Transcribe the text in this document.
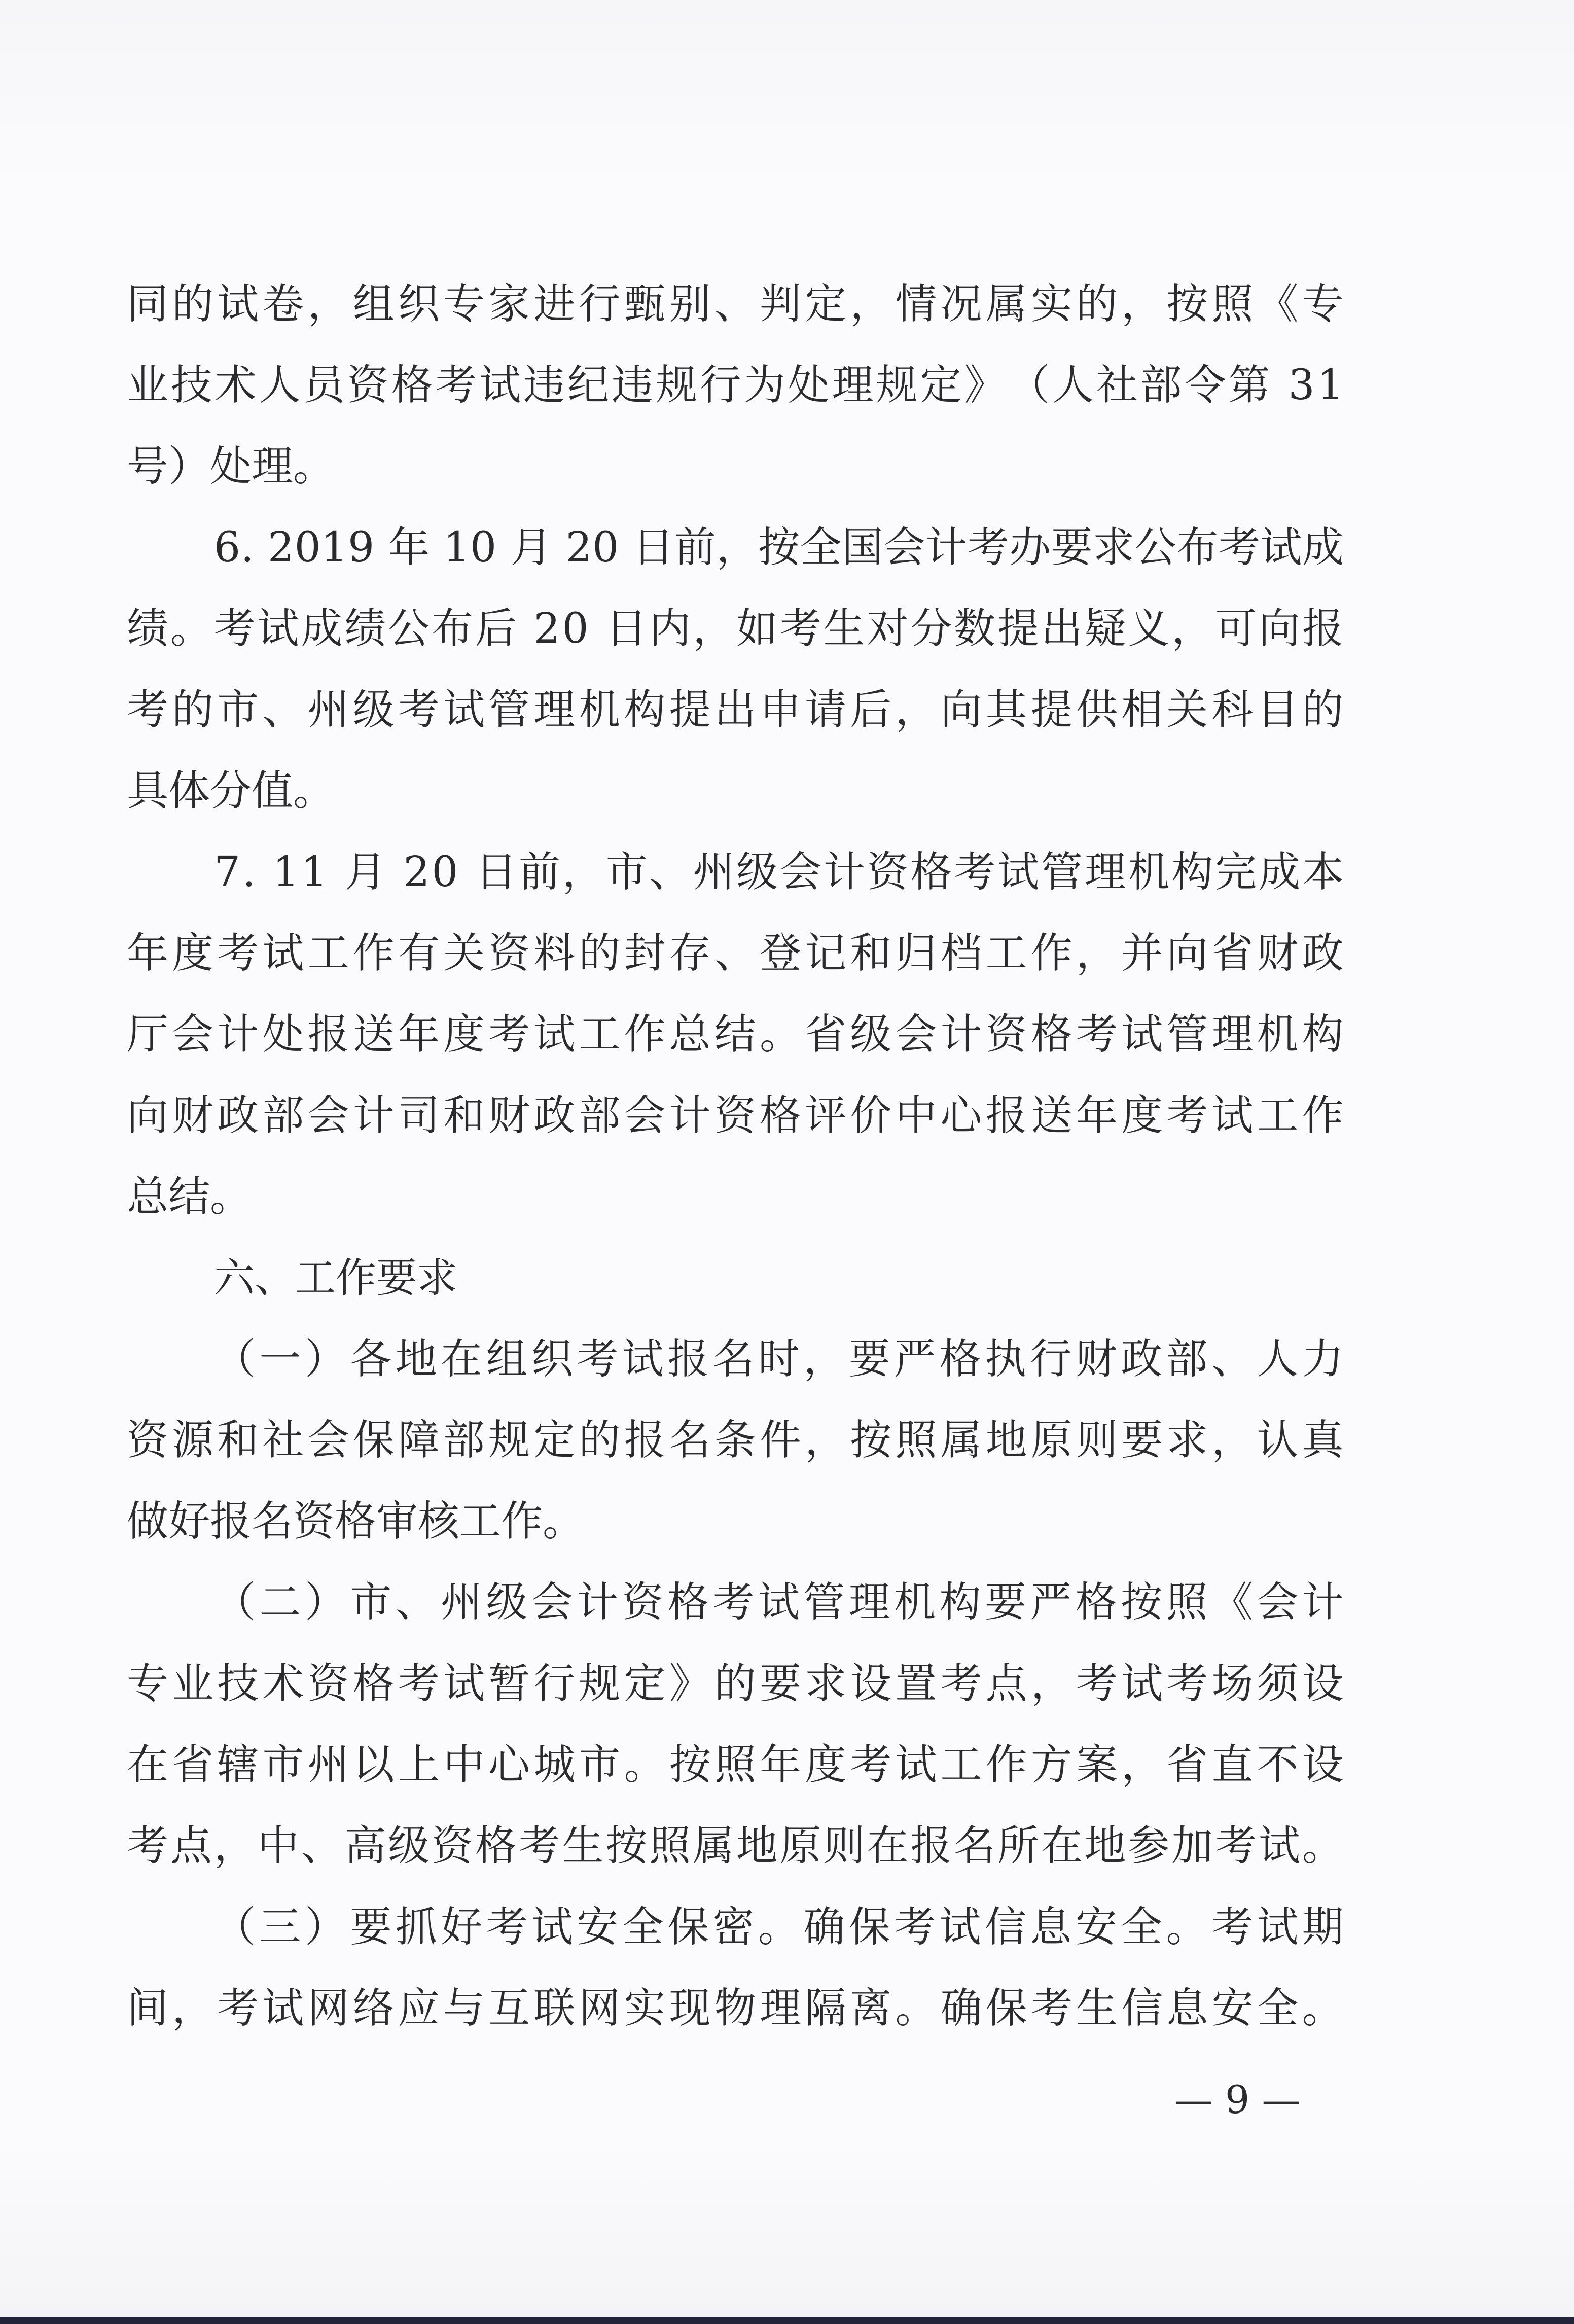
同 的 试 卷 ， 组 织 专 家 进 行 甄 别 、 判 定 ， 情 况 属 实 的 ， 按 照 《 专
业 技 术 人 员 资 格 考 试 违 纪 违 规 行 为 处 理 规 定 》 （ 人 社 部 令 第
3 1
号）处理。
6 .
2 0 1 9
年
1 0
月
2 0
日 前 ， 按 全 国 会 计 考 办 要 求 公 布 考 试 成
绩 。 考 试 成 绩 公 布 后
2 0
日 内 ， 如 考 生 对 分 数 提 出 疑 义 ， 可 向 报
考 的 市 、 州 级 考 试 管 理 机 构 提 出 申 请 后 ， 向 其 提 供 相 关 科 目 的
具体分值。
7 .
1 1
月
2 0
日 前 ， 市 、 州 级 会 计 资 格 考 试 管 理 机 构 完 成 本
年 度 考 试 工 作 有 关 资 料 的 封 存 、 登 记 和 归 档 工 作 ， 并 向 省 财 政
厅 会 计 处 报 送 年 度 考 试 工 作 总 结 。 省 级 会 计 资 格 考 试 管 理 机 构
向 财 政 部 会 计 司 和 财 政 部 会 计 资 格 评 价 中 心 报 送 年 度 考 试 工 作
总结。
六、工作要求
（ 一 ） 各 地 在 组 织 考 试 报 名 时 ， 要 严 格 执 行 财 政 部 、 人 力
资 源 和 社 会 保 障 部 规 定 的 报 名 条 件 ， 按 照 属 地 原 则 要 求 ， 认 真
做好报名资格审核工作。
（ 二 ） 市 、 州 级 会 计 资 格 考 试 管 理 机 构 要 严 格 按 照 《 会 计
专 业 技 术 资 格 考 试 暂 行 规 定 》 的 要 求 设 置 考 点 ， 考 试 考 场 须 设
在 省 辖 市 州 以 上 中 心 城 市 。 按 照 年 度 考 试 工 作 方 案 ， 省 直 不 设
考 点 ， 中 、 高 级 资 格 考 生 按 照 属 地 原 则 在 报 名 所 在 地 参 加 考 试 。
（ 三 ） 要 抓 好 考 试 安 全 保 密 。 确 保 考 试 信 息 安 全 。 考 试 期
间 ， 考 试 网 络 应 与 互 联 网 实 现 物 理 隔 离 。 确 保 考 生 信 息 安 全 。
— 9 —
